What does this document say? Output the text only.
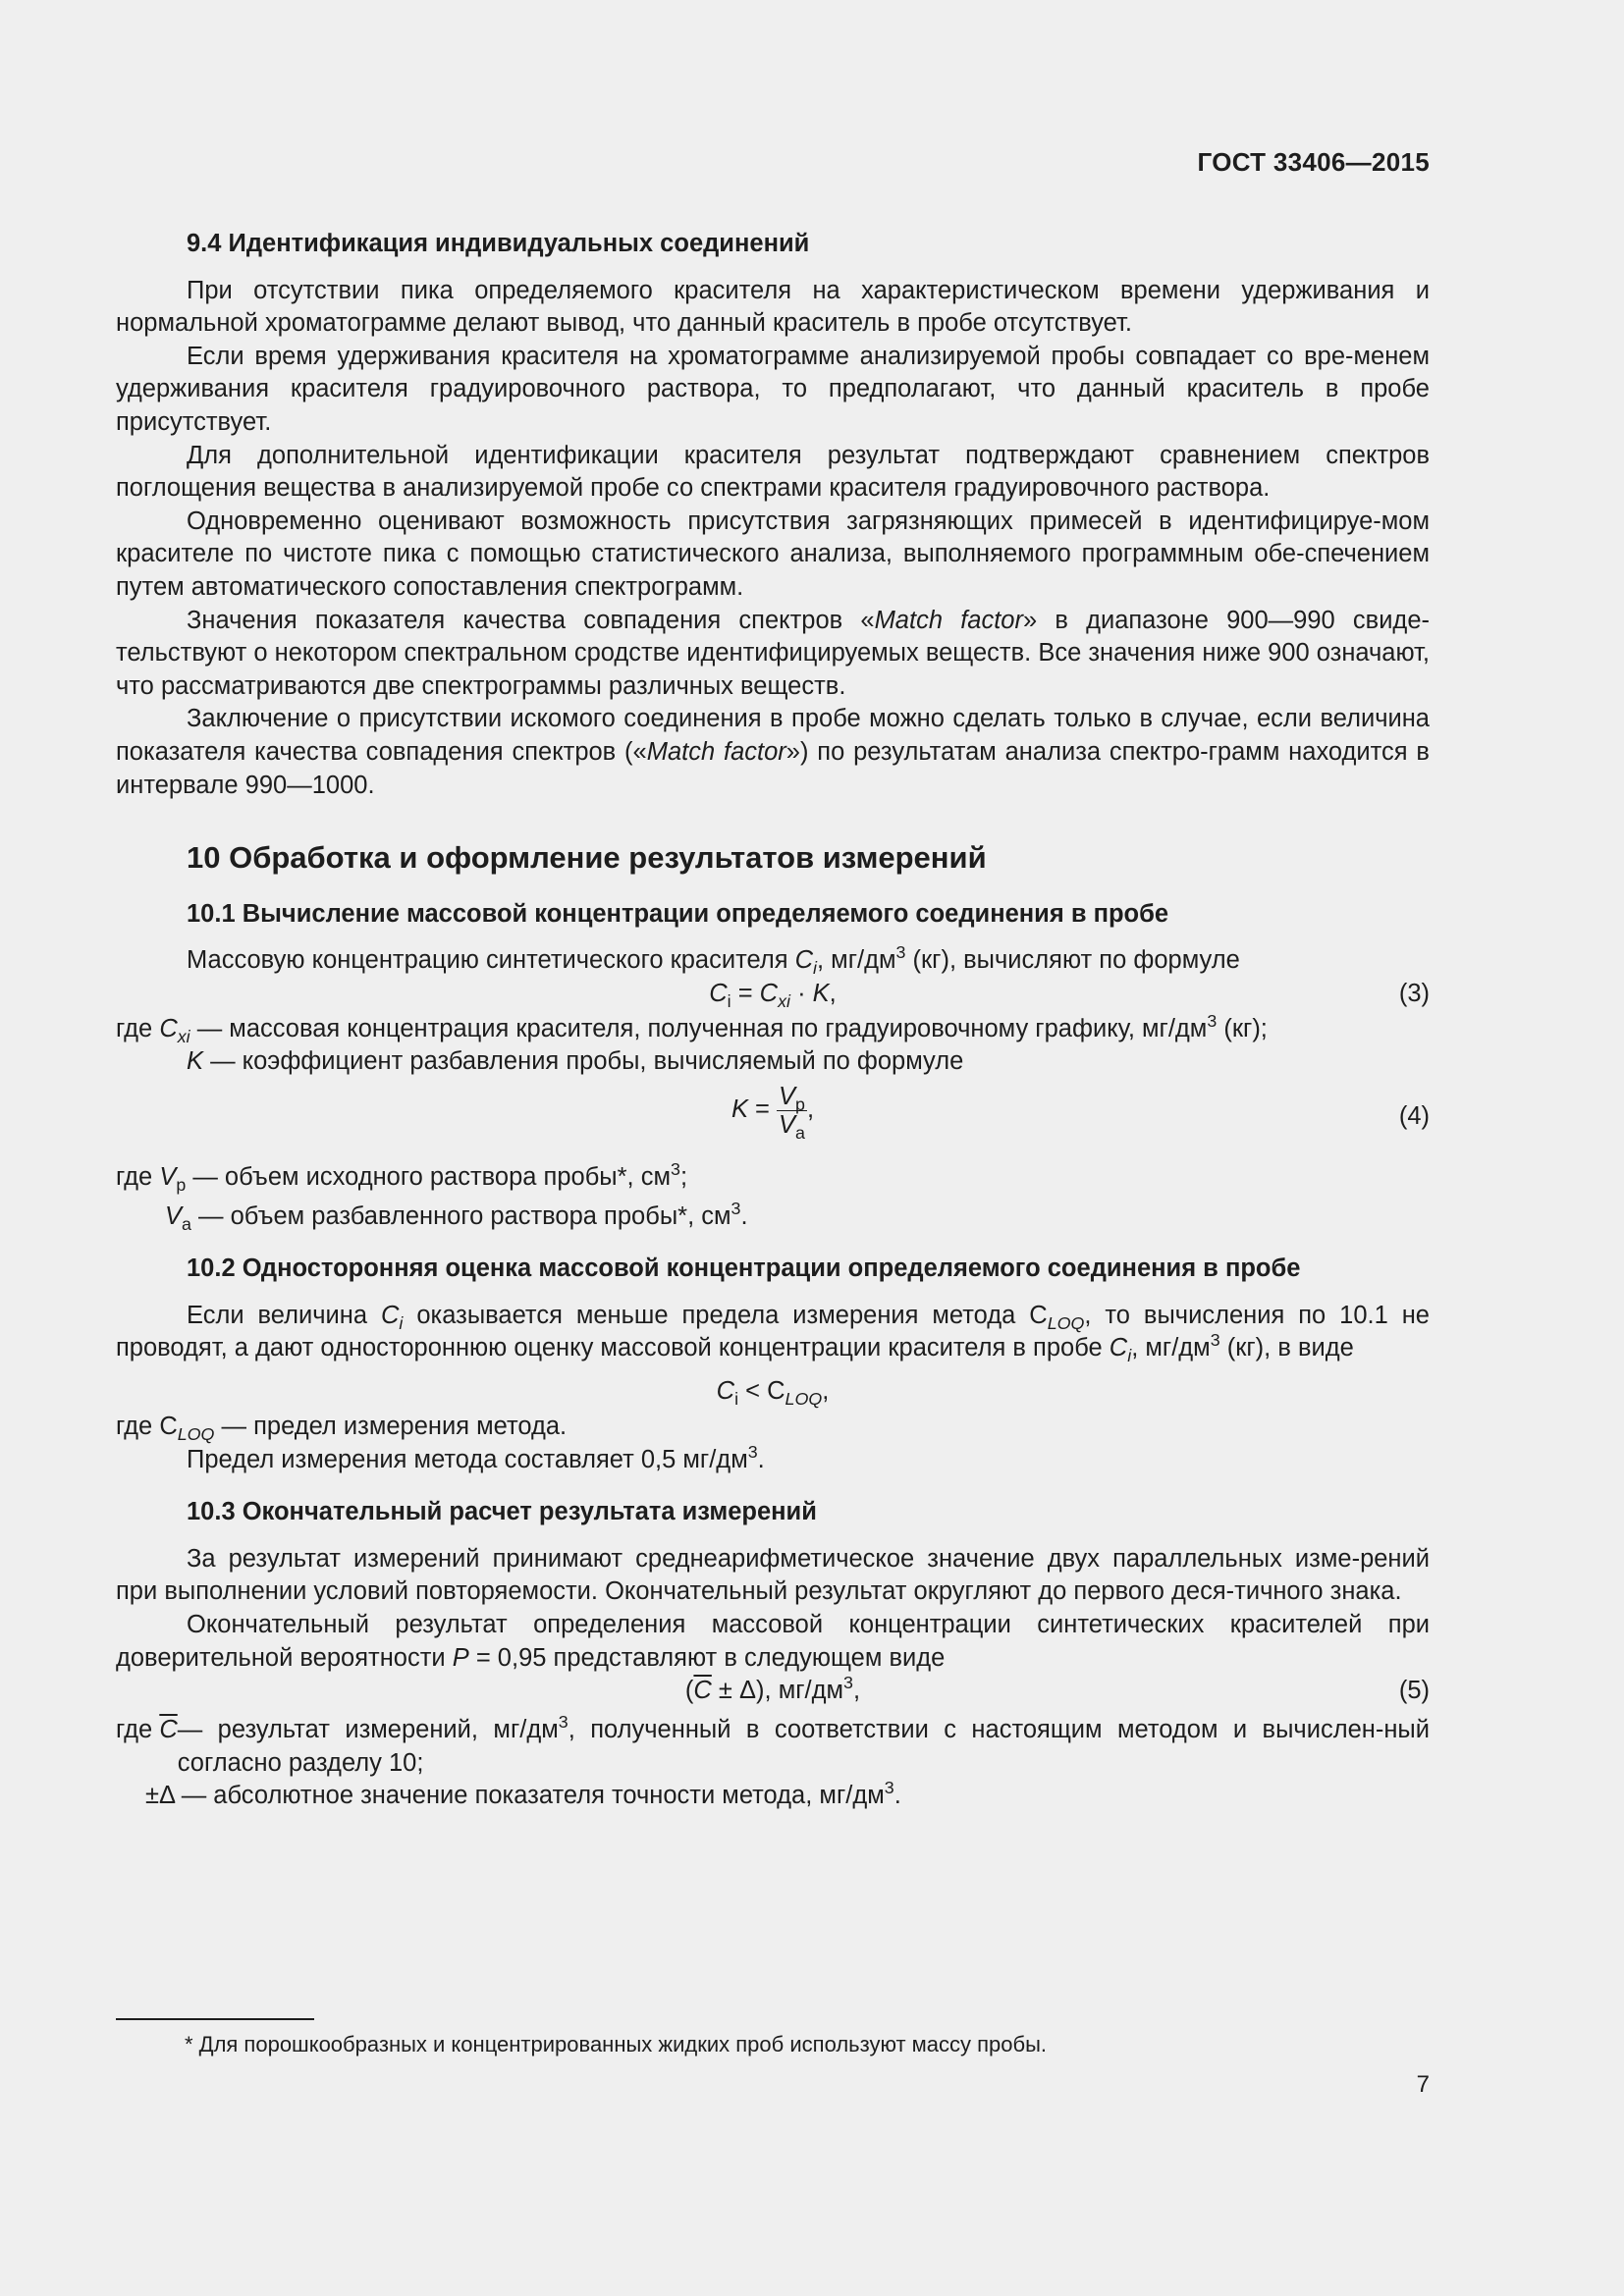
ГОСТ 33406—2015
9.4 Идентификация индивидуальных соединений

При отсутствии пика определяемого красителя на характеристическом времени удерживания и нормальной хроматограмме делают вывод, что данный краситель в пробе отсутствует.

Если время удерживания красителя на хроматограмме анализируемой пробы совпадает со вре-менем удерживания красителя градуировочного раствора, то предполагают, что данный краситель в пробе присутствует.

Для дополнительной идентификации красителя результат подтверждают сравнением спектров поглощения вещества в анализируемой пробе со спектрами красителя градуировочного раствора.

Одновременно оценивают возможность присутствия загрязняющих примесей в идентифицируе-мом красителе по чистоте пика с помощью статистического анализа, выполняемого программным обе-спечением путем автоматического сопоставления спектрограмм.

Значения показателя качества совпадения спектров «Match factor» в диапазоне 900—990 свиде-тельствуют о некотором спектральном сродстве идентифицируемых веществ. Все значения ниже 900 означают, что рассматриваются две спектрограммы различных веществ.

Заключение о присутствии искомого соединения в пробе можно сделать только в случае, если величина показателя качества совпадения спектров («Match factor») по результатам анализа спектро-грамм находится в интервале 990—1000.

10 Обработка и оформление результатов измерений
10.1 Вычисление массовой концентрации определяемого соединения в пробе

Массовую концентрацию синтетического красителя $C_i$, $мг/дм^3$ (кг), вычисляют по формуле

$C_i = C_{xi} \cdot K$,	(3)

где $C_{xi}$ — массовая концентрация красителя, полученная по градуировочному графику, $мг/дм^3$ (кг);

K — коэффициент разбавления пробы, вычисляемый по формуле

$K = \frac{V_р}{V_а}$ ,	(4)

где $V_р$ — объем исходного раствора пробы*, $см^3$;

$V_а$ — объем разбавленного раствора пробы*, $см^3$.

10.2 Односторонняя оценка массовой концентрации определяемого соединения в пробе

Если величина $C_i$ оказывается меньше предела измерения метода $C_{LOQ}$, то вычисления по 10.1 не проводят, а дают одностороннюю оценку массовой концентрации красителя в пробе $C_i$, $мг/дм^3$ (кг), в виде

$C_i < C_{LOQ}$,

где $C_{LOQ}$ — предел измерения метода.

Предел измерения метода составляет 0,5 $мг/дм^3$.

10.3 Окончательный расчет результата измерений

За результат измерений принимают среднеарифметическое значение двух параллельных изме-рений при выполнении условий повторяемости. Окончательный результат округляют до первого деся-тичного знака.

Окончательный результат определения массовой концентрации синтетических красителей при доверительной вероятности P = 0,95 представляют в следующем виде

$(\overline{C} \pm \Delta)$, $мг/дм^3$,	(5)
где $\overline{C}$ — результат измерений, $мг/дм^3$, полученный в соответствии с настоящим методом и вычислен-ный согласно разделу 10;

±Δ — абсолютное значение показателя точности метода, $мг/дм^3$.

* Для порошкообразных и концентрированных жидких проб используют массу пробы.
7
